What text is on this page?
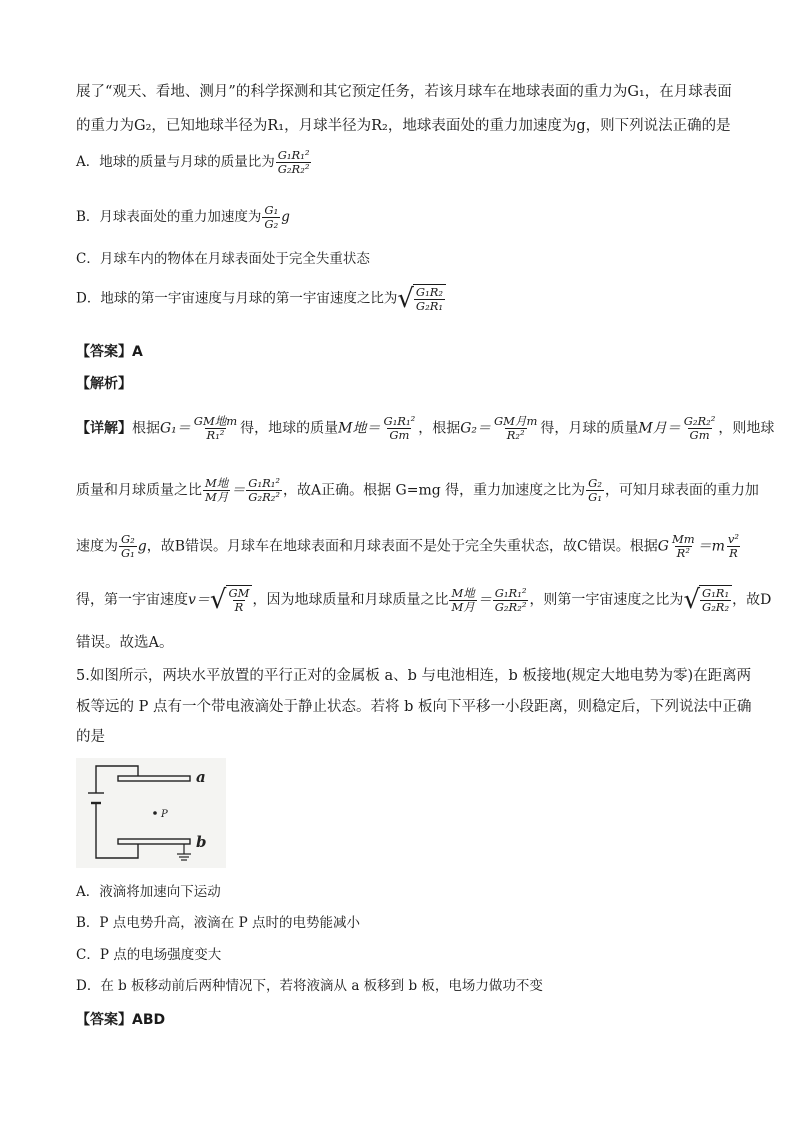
展了“观天、看地、测月”的科学探测和其它预定任务，若该月球车在地球表面的重力为G₁，在月球表面
的重力为G₂，已知地球半径为R₁，月球半径为R₂，地球表面处的重力加速度为g，则下列说法正确的是
A．地球的质量与月球的质量比为 $\frac{\text{G₁R₁²}}{\text{G₂R₂²}}$
B．月球表面处的重力加速度为 $\frac{\text{G₁}}{\text{G₂}}$ g
C．月球车内的物体在月球表面处于完全失重状态
D．地球的第一宇宙速度与月球的第一宇宙速度之比为 √ $\frac{\text{G₁R₂}}{\text{G₂R₁}}$
【答案】A
【解析】
【详解】根据$G_1= \frac{\text{GM地m}}{\text{R₁²}}$ 得，地球的质量M地＝ $\frac{\text{G₁R₁²}}{Gm}$ ，根据$G_2= \frac{\text{GM月m}}{\text{R₂²}}$ 得，月球的质量M月＝ $\frac{\text{G₂R₂²}}{Gm}$ ，则地球
质量和月球质量之比 $\frac{\text{M地}}{\text{M月}} = \frac{\text{G₁R₁²}}{\text{G₂R₂²}}$ ，故A正确。根据 G=mg 得，重力加速度之比为 $\frac{\text{G₂}}{\text{G₁}}$ ，可知月球表面的重力加
速度为 $\frac{\text{G₂}}{\text{G₁}}$ g，故B错误。月球车在地球表面和月球表面不是处于完全失重状态，故C错误。根据G $\frac{Mm}{\text{R²}} =m \frac{\text{v²}}{R}$
得，第一宇宙速度v＝ √ $\frac{GM}{R}$ ，因为地球质量和月球质量之比 $\frac{\text{M地}}{\text{M月}} = \frac{\text{G₁R₁²}}{\text{G₂R₂²}}$ ，则第一宇宙速度之比为 √ $\frac{\text{G₁R₁}}{\text{G₂R₂}}$ ，故D
错误。故选A。
5.如图所示，两块水平放置的平行正对的金属板 a、b 与电池相连，b 板接地(规定大地电势为零)在距离两
板等远的 P 点有一个带电液滴处于静止状态。若将 b 板向下平移一小段距离，则稳定后，下列说法中正确
的是
P
a
b
A．液滴将加速向下运动
B．P 点电势升高，液滴在 P 点时的电势能减小
C．P 点的电场强度变大
D．在 b 板移动前后两种情况下，若将液滴从 a 板移到 b 板，电场力做功不变
【答案】ABD
